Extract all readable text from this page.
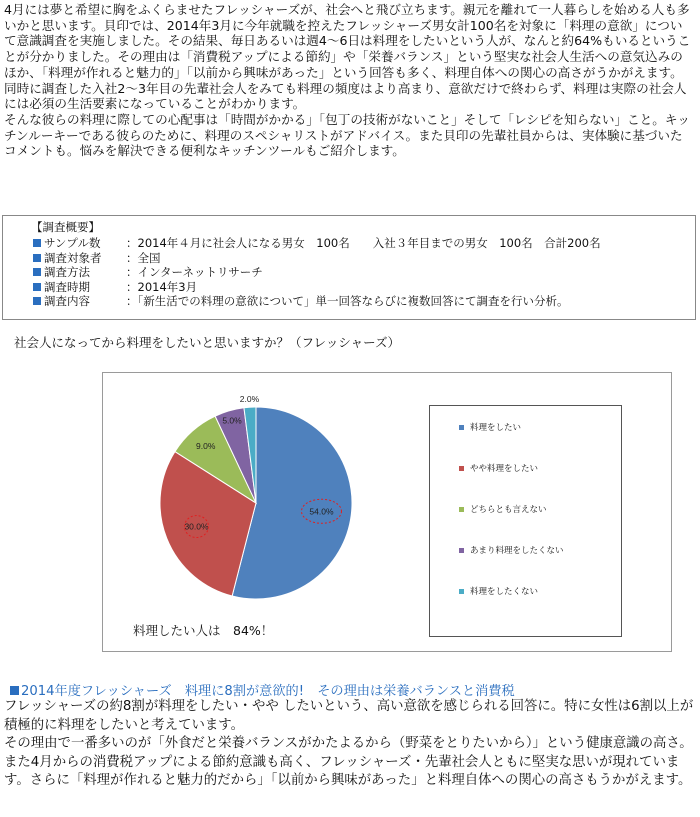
4月には夢と希望に胸をふくらませたフレッシャーズが、社会へと飛び立ちます。親元を離れて一人暮らしを始める人も多いかと思います。貝印では、2014年3月に今年就職を控えたフレッシャーズ男女計100名を対象に「料理の意欲」について意識調査を実施しました。その結果、毎日あるいは週4～6日は料理をしたいという人が、なんと約64%もいるということが分かりました。その理由は「消費税アップによる節約」や「栄養バランス」という堅実な社会人生活への意気込みのほか、「料理が作れると魅力的」「以前から興味があった」という回答も多く、料理自体への関心の高さがうかがえます。

同時に調査した入社2～3年目の先輩社会人をみても料理の頻度はより高まり、意欲だけで終わらず、料理は実際の社会人には必須の生活要素になっていることがわかります。

そんな彼らの料理に際しての心配事は「時間がかかる」「包丁の技術がないこと」そして「レシピを知らない」こと。キッチンルーキーである彼らのために、料理のスペシャリストがアドバイス。また貝印の先輩社員からは、実体験に基づいたコメントも。悩みを解決できる便利なキッチンツールもご紹介します。

【調査概要】
サンプル数	：2014年４月に社会人になる男女　100名　　入社３年目までの男女　100名　合計200名
調査対象者	：全国
調査方法	：インターネットリサーチ
調査時期	：2014年3月
調査内容	：「新生活での料理の意欲について」単一回答ならびに複数回答にて調査を行い分析。
社会人になってから料理をしたいと思いますか？（フレッシャーズ）
54.0%
30.0%
9.0%
5.0%
2.0%
料理をしたい
やや料理をしたい
どちらとも言えない
あまり料理をしたくない
料理をしたくない
料理したい人は　84%！
2014年度フレッシャーズ　料理に8割が意欲的!　その理由は栄養バランスと消費税

フレッシャーズの約8割が料理をしたい・やや したいという、高い意欲を感じられる回答に。特に女性は6割以上が積極的に料理をしたいと考えています。

その理由で一番多いのが「外食だと栄養バランスがかたよるから（野菜をとりたいから）」という健康意識の高さ。また4月からの消費税アップによる節約意識も高く、フレッシャーズ・先輩社会人ともに堅実な思いが現れています。さらに「料理が作れると魅力的だから」「以前から興味があった」と料理自体への関心の高さもうかがえます。
